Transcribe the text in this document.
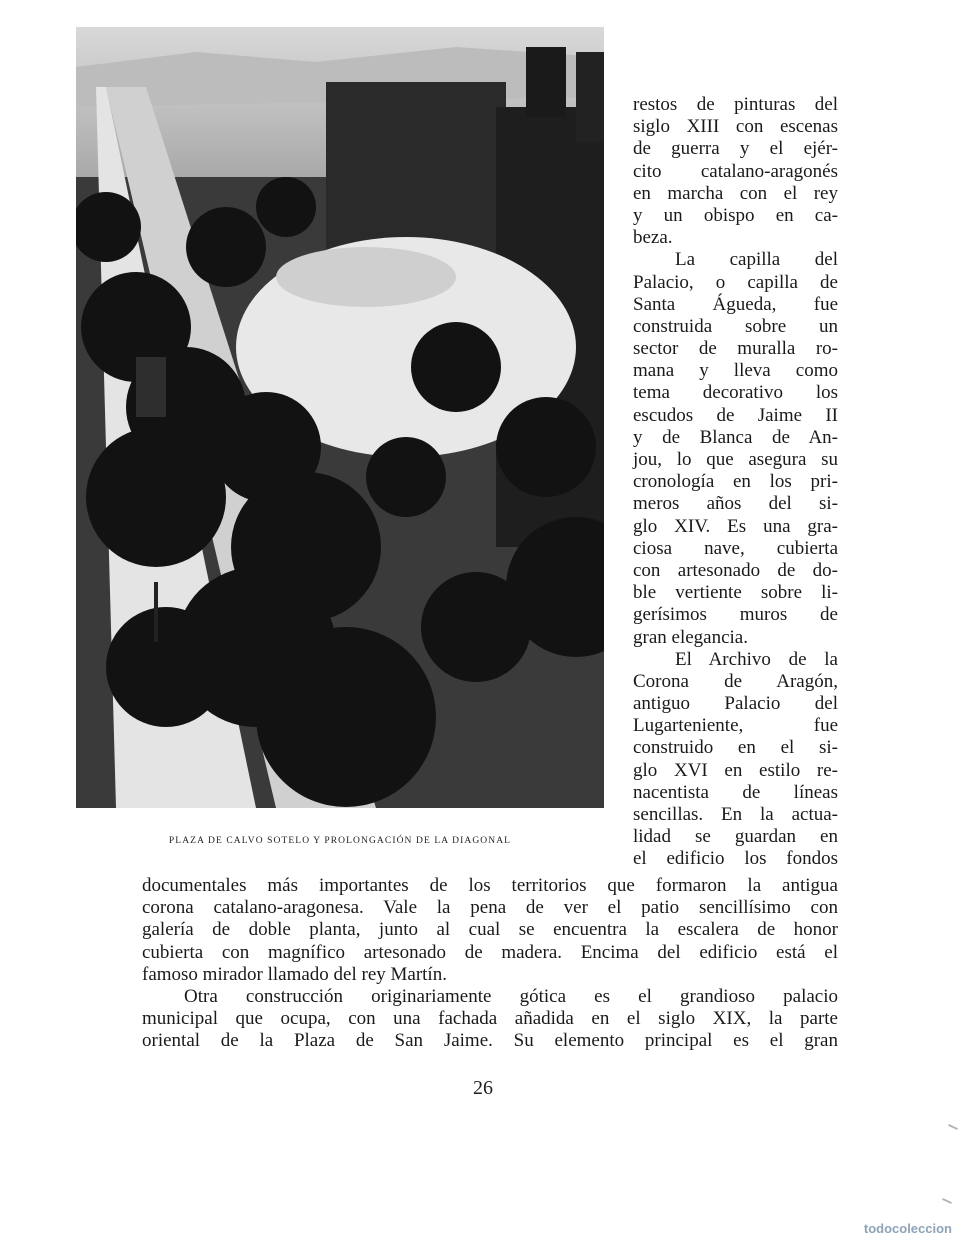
PLAZA DE CALVO SOTELO Y PROLONGACIÓN DE LA DIAGONAL
restos de pinturas del
siglo XIII con escenas
de guerra y el ejér-
cito catalano-aragonés
en marcha con el rey
y un obispo en ca-
beza.
La capilla del
Palacio, o capilla de
Santa Águeda, fue
construida sobre un
sector de muralla ro-
mana y lleva como
tema decorativo los
escudos de Jaime II
y de Blanca de An-
jou, lo que asegura su
cronología en los pri-
meros años del si-
glo XIV. Es una gra-
ciosa nave, cubierta
con artesonado de do-
ble vertiente sobre li-
gerísimos muros de
gran elegancia.
El Archivo de la
Corona de Aragón,
antiguo Palacio del
Lugarteniente, fue
construido en el si-
glo XVI en estilo re-
nacentista de líneas
sencillas. En la actua-
lidad se guardan en
el edificio los fondos
documentales más importantes de los territorios que formaron la antigua
corona catalano-aragonesa. Vale la pena de ver el patio sencillísimo con
galería de doble planta, junto al cual se encuentra la escalera de honor
cubierta con magnífico artesonado de madera. Encima del edificio está el
famoso mirador llamado del rey Martín.
Otra construcción originariamente gótica es el grandioso palacio
municipal que ocupa, con una fachada añadida en el siglo XIX, la parte
oriental de la Plaza de San Jaime. Su elemento principal es el gran
26
todocoleccion
